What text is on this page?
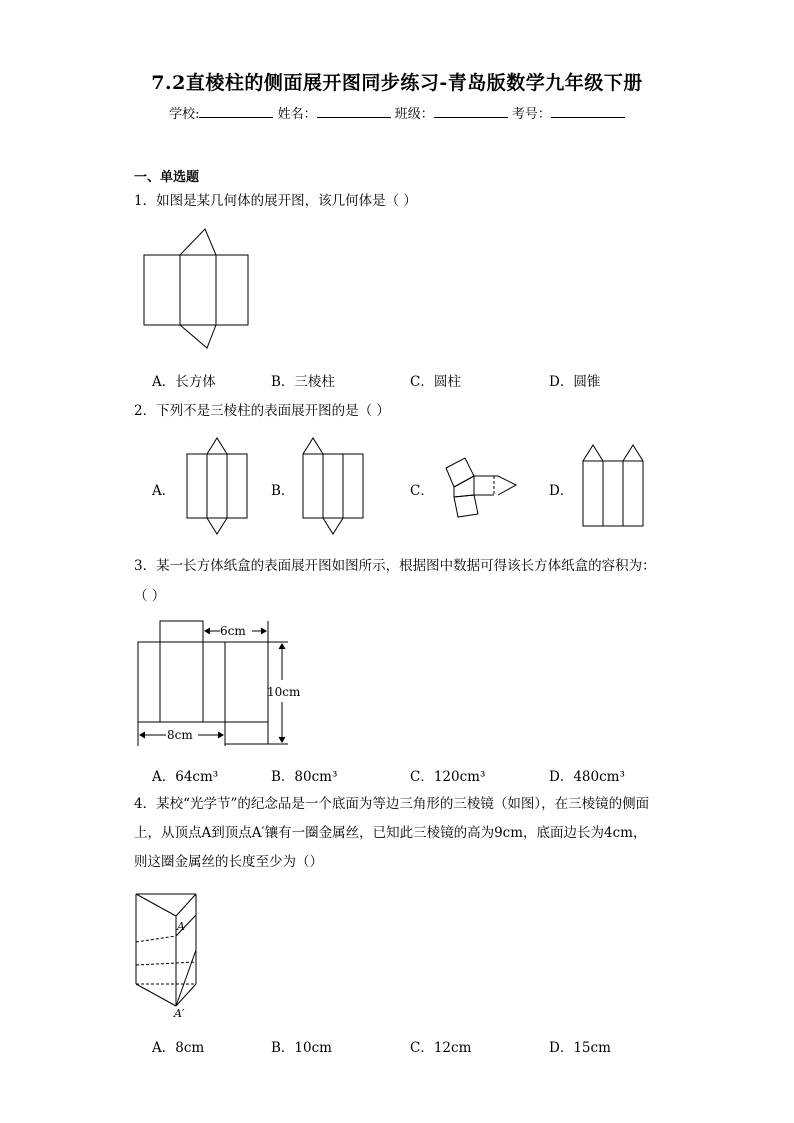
7.2直棱柱的侧面展开图同步练习-青岛版数学九年级下册
学校:	姓名：	班级：	考号：
一、单选题
1．如图是某几何体的展开图，该几何体是（ ）
A．长方体	B．三棱柱	C．圆柱	D．圆锥
2．下列不是三棱柱的表面展开图的是（ ）
A．	B．	C．	D．
3．某一长方体纸盒的表面展开图如图所示，根据图中数据可得该长方体纸盒的容积为：
（ ）
6cm
10cm
8cm
A．64cm³	B．80cm³	C．120cm³	D．480cm³
4．某校“光学节”的纪念品是一个底面为等边三角形的三棱镜（如图），在三棱镜的侧面
上，从顶点A到顶点A′镶有一圈金属丝，已知此三棱镜的高为9cm，底面边长为4cm，
则这圈金属丝的长度至少为（）
A
A′
A．8cm	B．10cm	C．12cm	D．15cm
